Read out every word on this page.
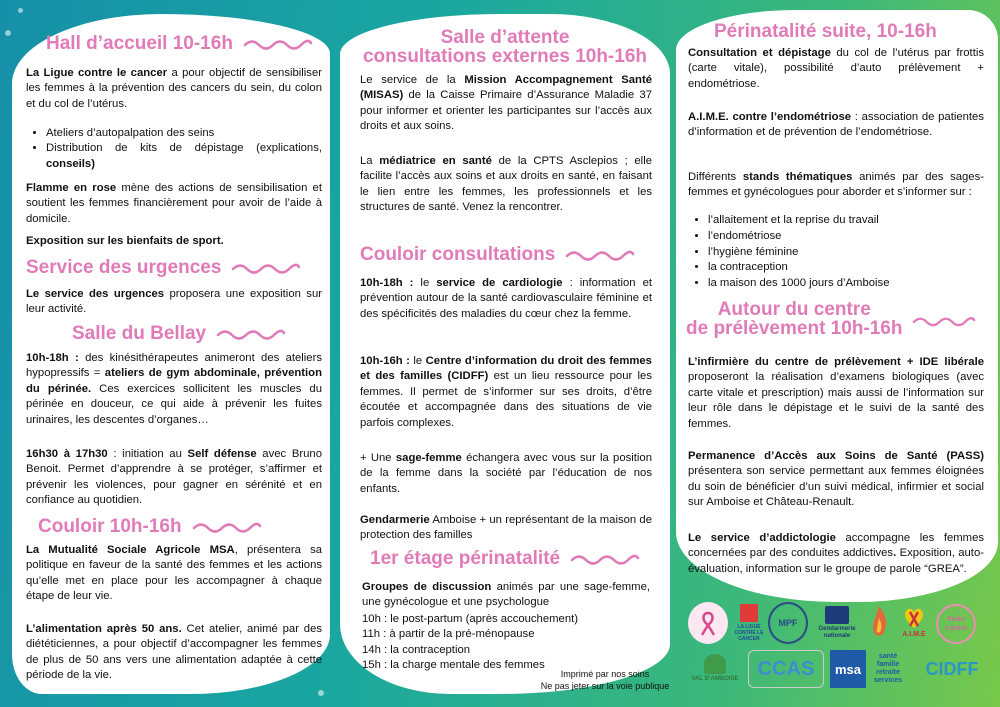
Hall d’accueil 10-16h
La Ligue contre le cancer a pour objectif de sensibiliser les femmes à la prévention des cancers du sein, du colon et du col de l’utérus.
• Ateliers d’autopalpation des seins
• Distribution de kits de dépistage (explications, conseils)
Flamme en rose mène des actions de sensibilisation et soutient les femmes financièrement pour avoir de l’aide à domicile.
Exposition sur les bienfaits de sport.
Service des urgences
Le service des urgences proposera une exposition sur leur activité.
Salle du Bellay
10h-18h : des kinésithérapeutes animeront des ateliers hypopressifs = ateliers de gym abdominale, prévention du périnée. Ces exercices sollicitent les muscles du périnée en douceur, ce qui aide à prévenir les fuites urinaires, les descentes d’organes…
16h30 à 17h30 : initiation au Self défense avec Bruno Benoit. Permet d’apprendre à se protéger, s’affirmer et prévenir les violences, pour gagner en sérénité et en confiance au quotidien.
Couloir 10h-16h
La Mutualité Sociale Agricole MSA, présentera sa politique en faveur de la santé des femmes et les actions qu’elle met en place pour les accompagner à chaque étape de leur vie.
L’alimentation après 50 ans. Cet atelier, animé par des diététiciennes, a pour objectif d’accompagner les femmes de plus de 50 ans vers une alimentation adaptée à cette période de la vie.
Salle d’attente
consultations externes 10h-16h
Le service de la Mission Accompagnement Santé (MISAS) de la Caisse Primaire d’Assurance Maladie 37 pour informer et orienter les participantes sur l’accès aux droits et aux soins.
La médiatrice en santé de la CPTS Asclepios ; elle facilite l’accès aux soins et aux droits en santé, en faisant le lien entre les femmes, les professionnels et les structures de santé. Venez la rencontrer.
Couloir consultations
10h-18h : le service de cardiologie : information et prévention autour de la santé cardiovasculaire féminine et des spécificités des maladies du cœur chez la femme.
10h-16h : le Centre d’information du droit des femmes et des familles (CIDFF) est un lieu ressource pour les femmes. Il permet de s’informer sur ses droits, d’être écoutée et accompagnée dans des situations de vie parfois complexes.
+ Une sage-femme échangera avec vous sur la position de la femme dans la société par l’éducation de nos enfants.
Gendarmerie Amboise + un représentant de la maison de protection des familles
1er étage périnatalité
Groupes de discussion animés par une sage-femme, une gynécologue et une psychologue
10h : le post-partum (après accouchement)
11h : à partir de la pré-ménopause
14h : la contraception
15h : la charge mentale des femmes
Imprimé par nos soins
Ne pas jeter sur la voie publique
Périnatalité suite, 10-16h
Consultation et dépistage du col de l’utérus par frottis (carte vitale), possibilité d’auto prélèvement + endométriose.
A.I.M.E. contre l’endométriose : association de patientes d’information et de prévention de l’endométriose.
Différents stands thématiques animés par des sages-femmes et gynécologues pour aborder et s’informer sur :
• l’allaitement et la reprise du travail
• l’endométriose
• l’hygiène féminine
• la contraception
• la maison des 1000 jours d’Amboise
Autour du centre
de prélèvement 10h-16h
L’infirmière du centre de prélèvement + IDE libérale proposeront la réalisation d’examens biologiques (avec carte vitale et prescription) mais aussi de l’information sur leur rôle dans le dépistage et le suivi de la santé des femmes.
Permanence d’Accès aux Soins de Santé (PASS) présentera son service permettant aux femmes éloignées du soin de bénéficier d’un suivi médical, infirmier et social sur Amboise et Château-Renault.
Le service d’addictologie accompagne les femmes concernées par des conduites addictives. Exposition, auto-évaluation, information sur le groupe de parole “GREA”.
LA LIGUE CONTRE LE CANCER
MPF
Gendarmerie nationale	A.I.M.E
Endo Centre
VAL D’AMBOISE CCAS msa
santé famille retraite services
CIDFF
